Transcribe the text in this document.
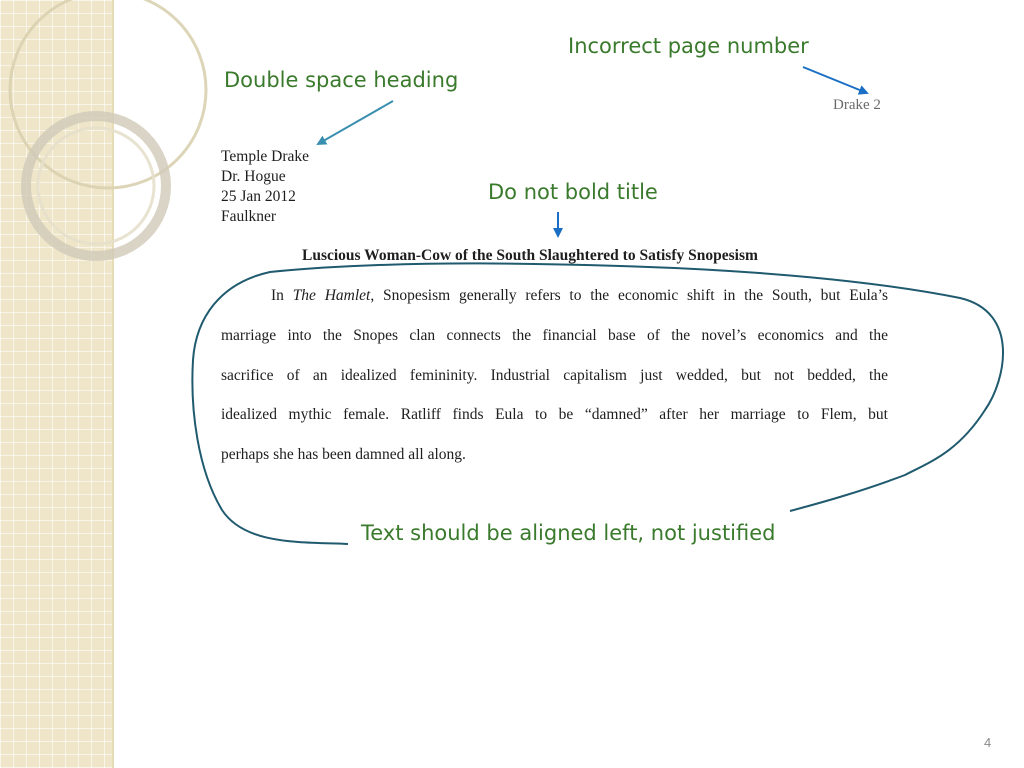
Incorrect page number
Double space heading
Do not bold title
Text should be aligned left, not justified
Drake 2
Temple Drake
Dr. Hogue
25 Jan 2012
Faulkner
Luscious Woman-Cow of the South Slaughtered to Satisfy Snopesism
In The Hamlet, Snopesism generally refers to the economic shift in the South, but Eula’s
marriage into the Snopes clan connects the financial base of the novel’s economics and the
sacrifice of an idealized femininity. Industrial capitalism just wedded, but not bedded, the
idealized mythic female. Ratliff finds Eula to be “damned” after her marriage to Flem, but
perhaps she has been damned all along.
4
